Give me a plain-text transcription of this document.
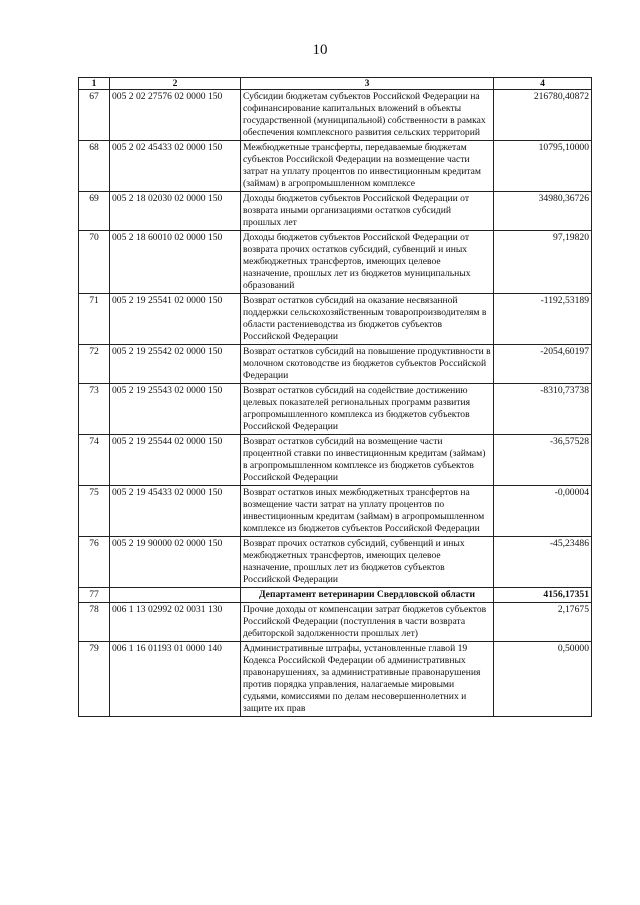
10
1	2	3	4
67	005 2 02 27576 02 0000 150	Субсидии бюджетам субъектов Российской Федерации на софинансирование капитальных вложений в объекты государственной (муниципальной) собственности в рамках обеспечения комплексного развития сельских территорий	216780,40872
68	005 2 02 45433 02 0000 150	Межбюджетные трансферты, передаваемые бюджетам субъектов Российской Федерации на возмещение части затрат на уплату процентов по инвестиционным кредитам (займам) в агропромышленном комплексе	10795,10000
69	005 2 18 02030 02 0000 150	Доходы бюджетов субъектов Российской Федерации от возврата иными организациями остатков субсидий прошлых лет	34980,36726
70	005 2 18 60010 02 0000 150	Доходы бюджетов субъектов Российской Федерации от возврата прочих остатков субсидий, субвенций и иных межбюджетных трансфертов, имеющих целевое назначение, прошлых лет из бюджетов муниципальных образований	97,19820
71	005 2 19 25541 02 0000 150	Возврат остатков субсидий на оказание несвязанной поддержки сельскохозяйственным товаропроизводителям в области растениеводства из бюджетов субъектов Российской Федерации	-1192,53189
72	005 2 19 25542 02 0000 150	Возврат остатков субсидий на повышение продуктивности в молочном скотоводстве из бюджетов субъектов Российской Федерации	-2054,60197
73	005 2 19 25543 02 0000 150	Возврат остатков субсидий на содействие достижению целевых показателей региональных программ развития агропромышленного комплекса из бюджетов субъектов Российской Федерации	-8310,73738
74	005 2 19 25544 02 0000 150	Возврат остатков субсидий на возмещение части процентной ставки по инвестиционным кредитам (займам) в агропромышленном комплексе из бюджетов субъектов Российской Федерации	-36,57528
75	005 2 19 45433 02 0000 150	Возврат остатков иных межбюджетных трансфертов на возмещение части затрат на уплату процентов по инвестиционным кредитам (займам) в агропромышленном комплексе из бюджетов субъектов Российской Федерации	-0,00004
76	005 2 19 90000 02 0000 150	Возврат прочих остатков субсидий, субвенций и иных межбюджетных трансфертов, имеющих целевое назначение, прошлых лет из бюджетов субъектов Российской Федерации	-45,23486
77		Департамент ветеринарии Свердловской области	4156,17351
78	006 1 13 02992 02 0031 130	Прочие доходы от компенсации затрат бюджетов субъектов Российской Федерации (поступления в части возврата дебиторской задолженности прошлых лет)	2,17675
79	006 1 16 01193 01 0000 140	Административные штрафы, установленные главой 19 Кодекса Российской Федерации об административных правонарушениях, за административные правонарушения против порядка управления, налагаемые мировыми судьями, комиссиями по делам несовершеннолетних и защите их прав	0,50000
